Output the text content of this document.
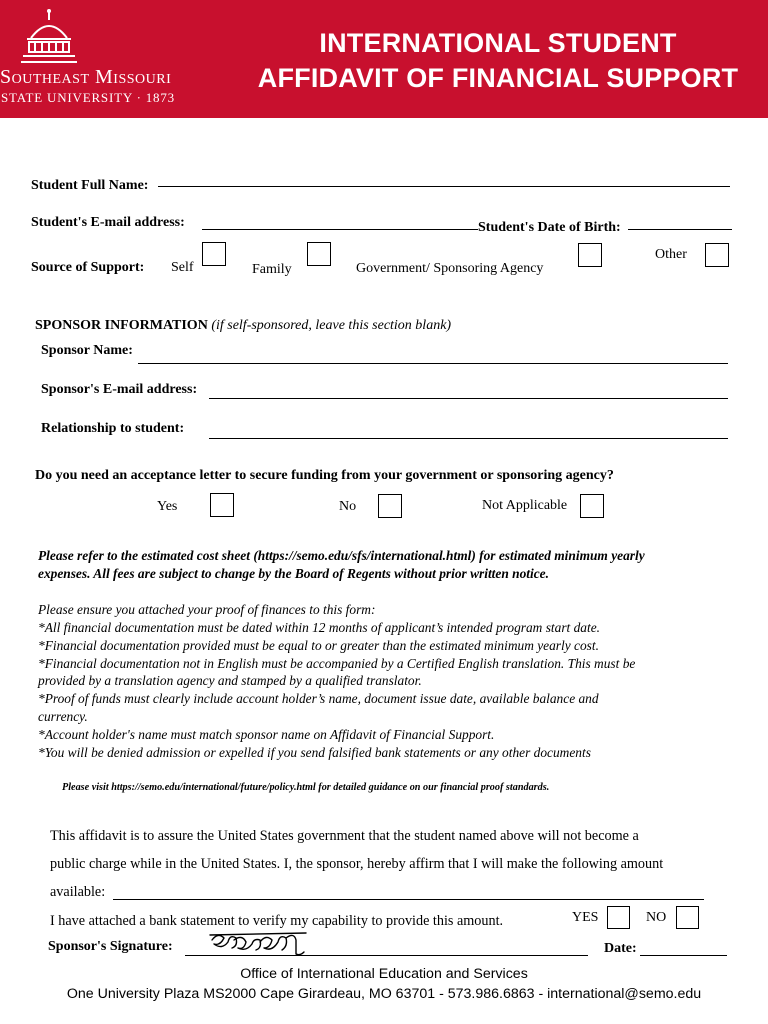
Southeast Missouri
STATE UNIVERSITY · 1873
INTERNATIONAL STUDENT
AFFIDAVIT OF FINANCIAL SUPPORT
Student Full Name:
Student's E-mail address:	Student's Date of Birth:
Source of Support: Self	Family	Government/ Sponsoring Agency
Other
SPONSOR INFORMATION (if self-sponsored, leave this section blank)
Sponsor Name:
Sponsor's E-mail address:
Relationship to student:
Do you need an acceptance letter to secure funding from your government or sponsoring agency?
Yes	No	Not Applicable
Please refer to the estimated cost sheet (https://semo.edu/sfs/international.html) for estimated minimum yearly
expenses. All fees are subject to change by the Board of Regents without prior written notice.
Please ensure you attached your proof of finances to this form:
*All financial documentation must be dated within 12 months of applicant’s intended program start date.
*Financial documentation provided must be equal to or greater than the estimated minimum yearly cost.
*Financial documentation not in English must be accompanied by a Certified English translation. This must be
provided by a translation agency and stamped by a qualified translator.
*Proof of funds must clearly include account holder’s name, document issue date, available balance and
currency.
*Account holder's name must match sponsor name on Affidavit of Financial Support.
*You will be denied admission or expelled if you send falsified bank statements or any other documents
Please visit https://semo.edu/international/future/policy.html for detailed guidance on our financial proof standards.
This affidavit is to assure the United States government that the student named above will not become a
public charge while in the United States. I, the sponsor, hereby affirm that I will make the following amount
available:
I have attached a bank statement to verify my capability to provide this amount.	YES	NO
Sponsor's Signature:	Date:
Office of International Education and Services
One University Plaza MS2000 Cape Girardeau, MO 63701 - 573.986.6863 - international@semo.edu
